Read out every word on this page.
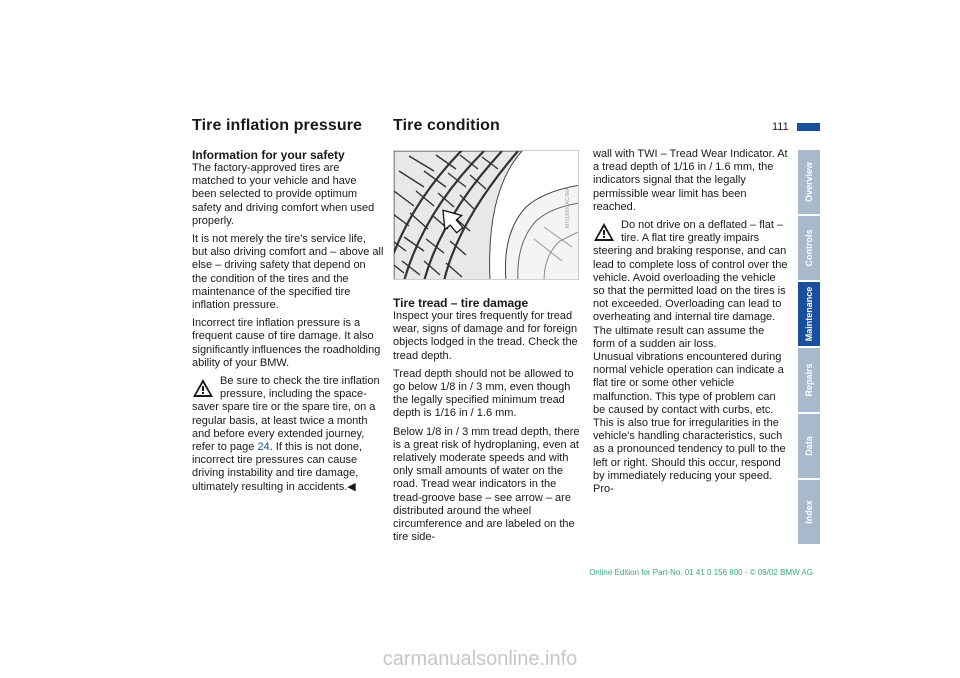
Tire inflation pressure Tire condition	111
Information for your safety

The factory-approved tires are matched to your vehicle and have been selected to provide optimum safety and driving comfort when used properly.

It is not merely the tire's service life, but also driving comfort and – above all else – driving safety that depend on the condition of the tires and the maintenance of the specified tire inflation pressure.

Incorrect tire inflation pressure is a frequent cause of tire damage. It also significantly influences the roadholding ability of your BMW.

Be sure to check the tire inflation pressure, including the space-saver spare tire or the spare tire, on a regular basis, at least twice a month and before every extended journey, refer to page 24. If this is not done, incorrect tire pressures can cause driving instability and tire damage, ultimately resulting in accidents.◀
MV02000AC/MA
Tire tread – tire damage

Inspect your tires frequently for tread wear, signs of damage and for foreign objects lodged in the tread. Check the tread depth.

Tread depth should not be allowed to go below 1/8 in / 3 mm, even though the legally specified minimum tread depth is 1/16 in / 1.6 mm.

Below 1/8 in / 3 mm tread depth, there is a great risk of hydroplaning, even at relatively moderate speeds and with only small amounts of water on the road. Tread wear indicators in the tread-groove base – see arrow – are distributed around the wheel circumference and are labeled on the tire side-

wall with TWI – Tread Wear Indicator. At a tread depth of 1/16 in / 1.6 mm, the indicators signal that the legally permissible wear limit has been reached.

Do not drive on a deflated – flat – tire. A flat tire greatly impairs steering and braking response, and can lead to complete loss of control over the vehicle. Avoid overloading the vehicle so that the permitted load on the tires is not exceeded. Overloading can lead to overheating and internal tire damage.

The ultimate result can assume the form of a sudden air loss.

Unusual vibrations encountered during normal vehicle operation can indicate a flat tire or some other vehicle malfunction. This type of problem can be caused by contact with curbs, etc. This is also true for irregularities in the vehicle's handling characteristics, such as a pronounced tendency to pull to the left or right. Should this occur, respond by immediately reducing your speed. Pro-

Overview
Controls
Maintenance
Repairs
Data
Index
Online Edition for Part-No. 01 41 0 156 800 - © 09/02 BMW AG
carmanualsonline.info
